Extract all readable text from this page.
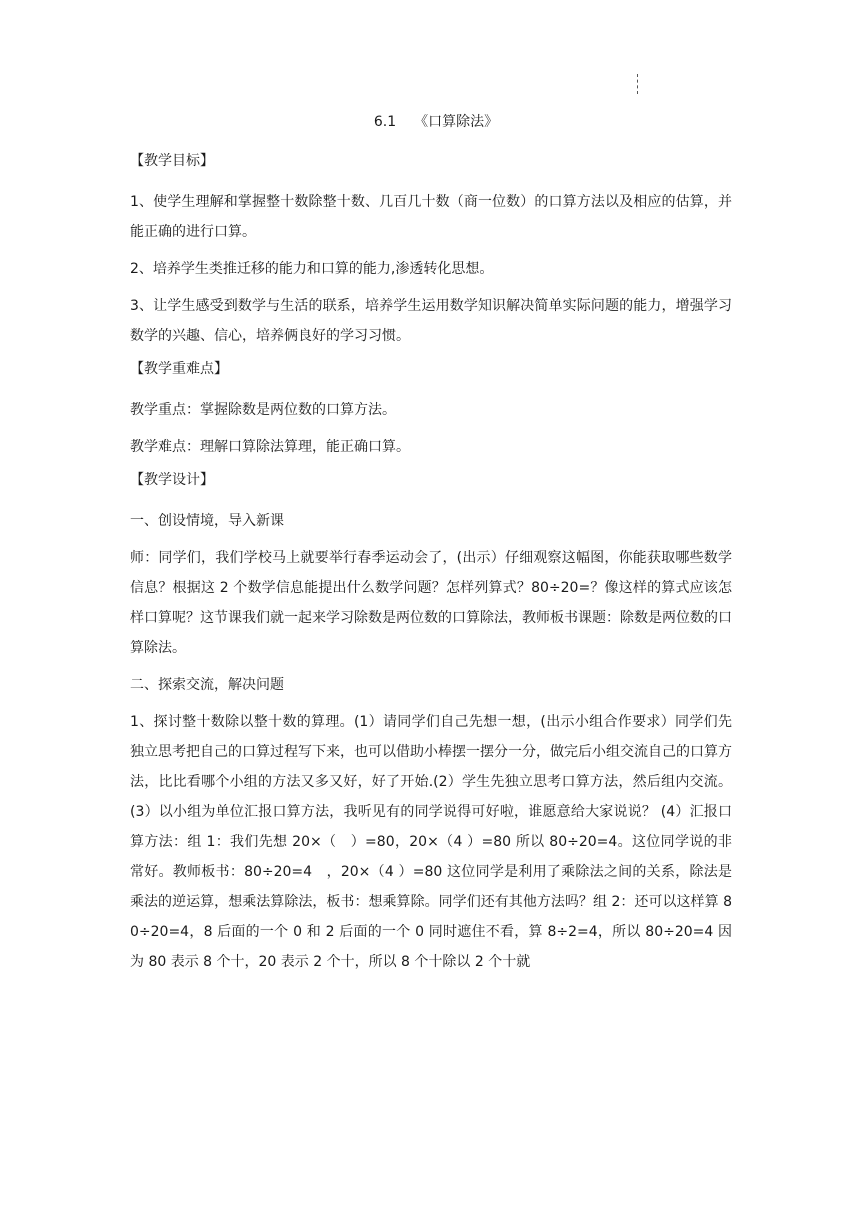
6.1 《口算除法》
【教学目标】
1、使学生理解和掌握整十数除整十数、几百几十数（商一位数）的口算方法以及相应的估算，并能正确的进行口算。
2、培养学生类推迁移的能力和口算的能力,渗透转化思想。
3、让学生感受到数学与生活的联系，培养学生运用数学知识解决简单实际问题的能力，增强学习数学的兴趣、信心，培养俩良好的学习习惯。
【教学重难点】
教学重点：掌握除数是两位数的口算方法。
教学难点：理解口算除法算理，能正确口算。
【教学设计】
一、创设情境，导入新课
师：同学们，我们学校马上就要举行春季运动会了，(出示）仔细观察这幅图，你能获取哪些数学信息？根据这 2 个数学信息能提出什么数学问题？怎样列算式？80÷20=？像这样的算式应该怎样口算呢？这节课我们就一起来学习除数是两位数的口算除法，教师板书课题：除数是两位数的口算除法。
二、探索交流，解决问题
1、探讨整十数除以整十数的算理。(1）请同学们自己先想一想，(出示小组合作要求）同学们先独立思考把自己的口算过程写下来，也可以借助小棒摆一摆分一分，做完后小组交流自己的口算方法，比比看哪个小组的方法又多又好，好了开始.(2）学生先独立思考口算方法，然后组内交流。(3）以小组为单位汇报口算方法，我听见有的同学说得可好啦，谁愿意给大家说说？ (4）汇报口算方法：组 1：我们先想 20×（　）=80，20×（4 ）=80 所以 80÷20=4。这位同学说的非常好。教师板书：80÷20=4　，20×（4 ）=80 这位同学是利用了乘除法之间的关系，除法是乘法的逆运算，想乘法算除法，板书：想乘算除。同学们还有其他方法吗？组 2：还可以这样算 80÷20=4，8 后面的一个 0 和 2 后面的一个 0 同时遮住不看，算 8÷2=4，所以 80÷20=4 因为 80 表示 8 个十，20 表示 2 个十，所以 8 个十除以 2 个十就
